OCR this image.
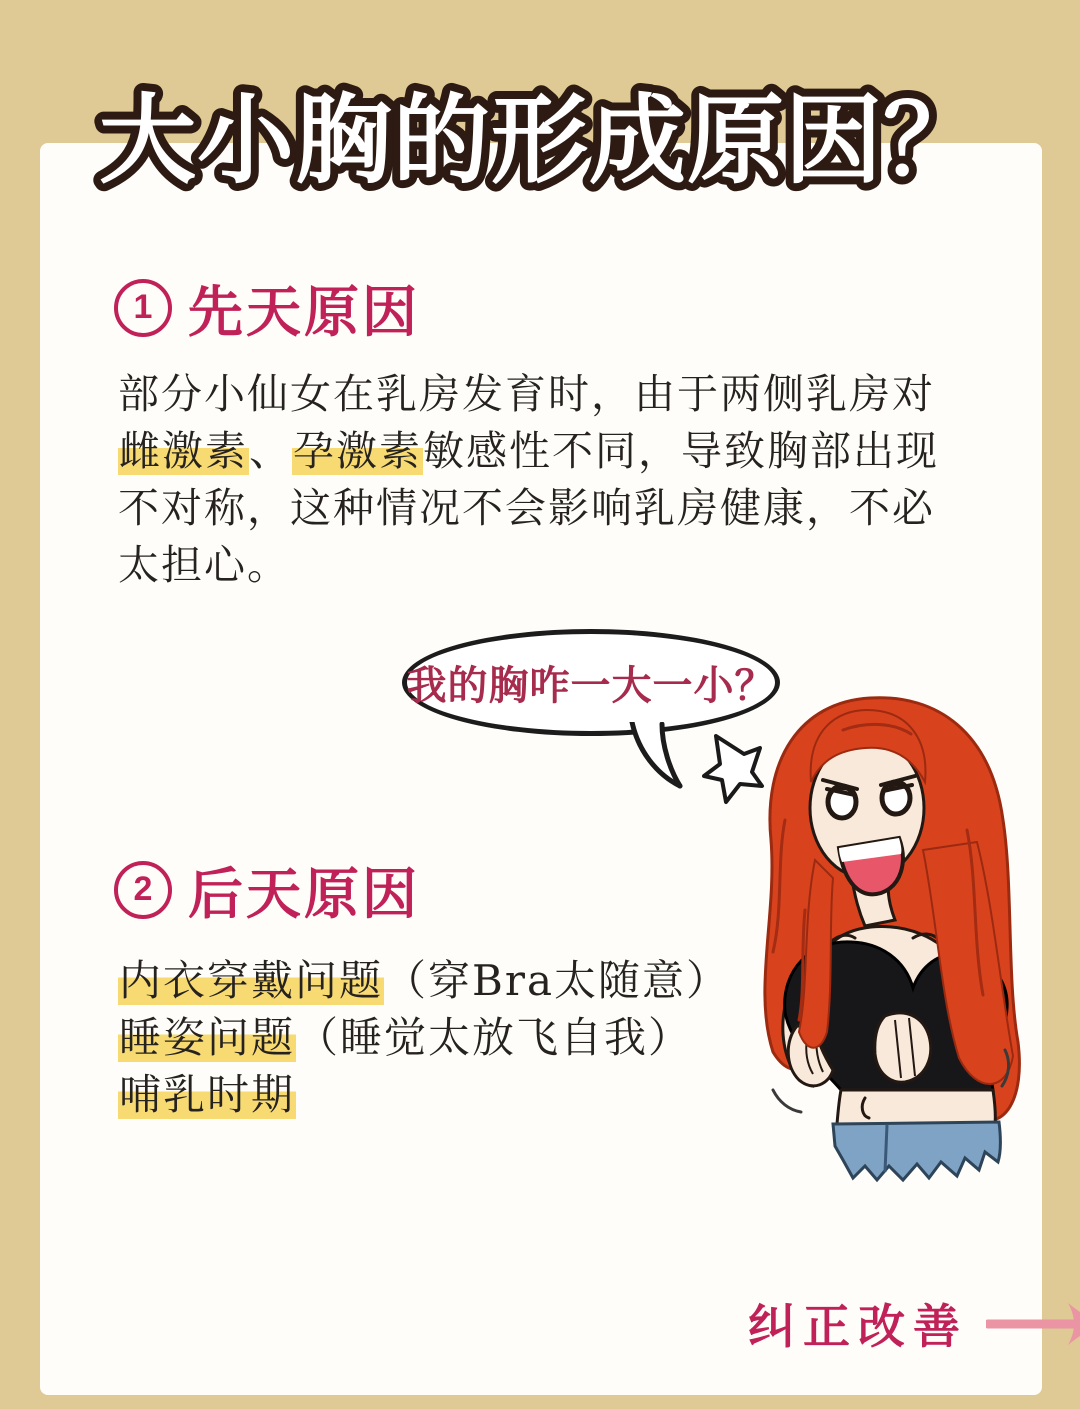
大小胸的形成原因？
1 先天原因
部分小仙女在乳房发育时，由于两侧乳房对
雌激素、孕激素敏感性不同，导致胸部出现
不对称，这种情况不会影响乳房健康，不必
太担心。
我的胸咋一大一小？
2 后天原因
内衣穿戴问题（穿Bra太随意）
睡姿问题（睡觉太放飞自我）
哺乳时期
纠正改善
